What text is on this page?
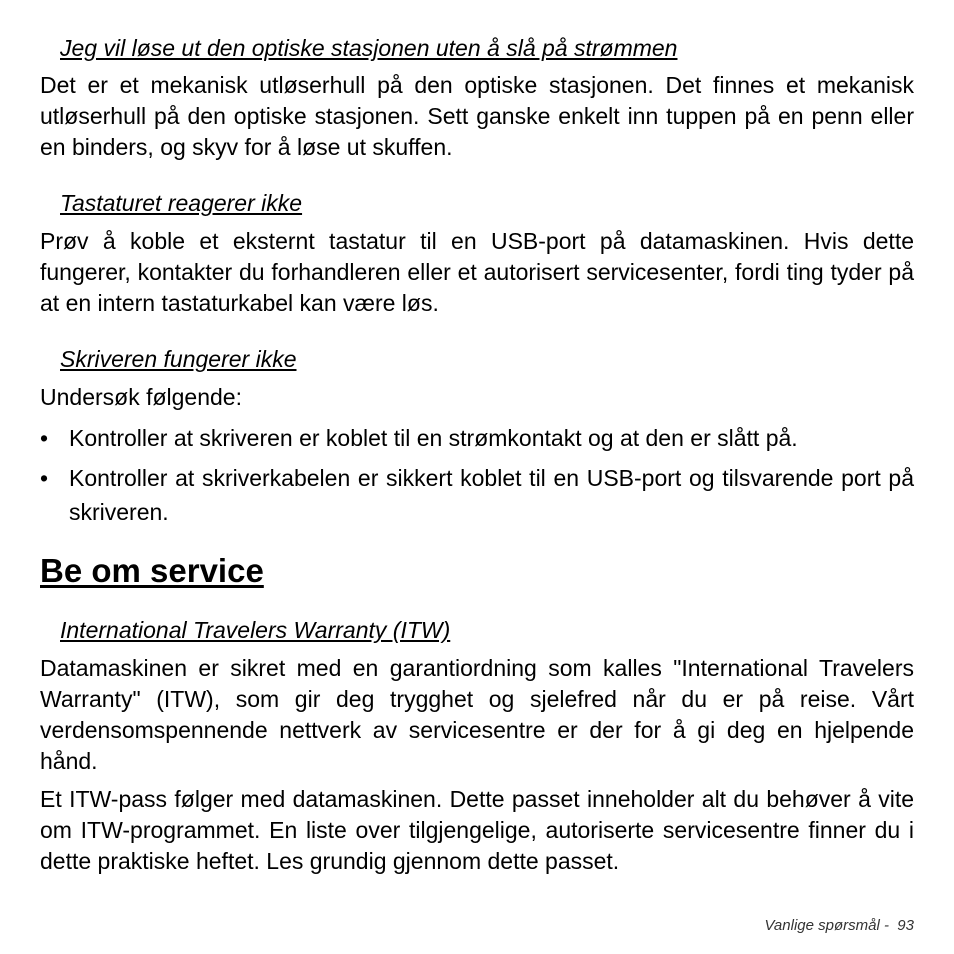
Jeg vil løse ut den optiske stasjonen uten å slå på strømmen
Det er et mekanisk utløserhull på den optiske stasjonen. Det finnes et mekanisk utløserhull på den optiske stasjonen. Sett ganske enkelt inn tuppen på en penn eller en binders, og skyv for å løse ut skuffen.
Tastaturet reagerer ikke
Prøv å koble et eksternt tastatur til en USB-port på datamaskinen. Hvis dette fungerer, kontakter du forhandleren eller et autorisert servicesenter, fordi ting tyder på at en intern tastaturkabel kan være løs.
Skriveren fungerer ikke
Undersøk følgende:
• Kontroller at skriveren er koblet til en strømkontakt og at den er slått på.
• Kontroller at skriverkabelen er sikkert koblet til en USB-port og tilsvarende port på skriveren.
Be om service
International Travelers Warranty (ITW)
Datamaskinen er sikret med en garantiordning som kalles "International Travelers Warranty" (ITW), som gir deg trygghet og sjelefred når du er på reise. Vårt verdensomspennende nettverk av servicesentre er der for å gi deg en hjelpende hånd.
Et ITW-pass følger med datamaskinen. Dette passet inneholder alt du behøver å vite om ITW-programmet. En liste over tilgjengelige, autoriserte servicesentre finner du i dette praktiske heftet. Les grundig gjennom dette passet.
Vanlige spørsmål -  93
